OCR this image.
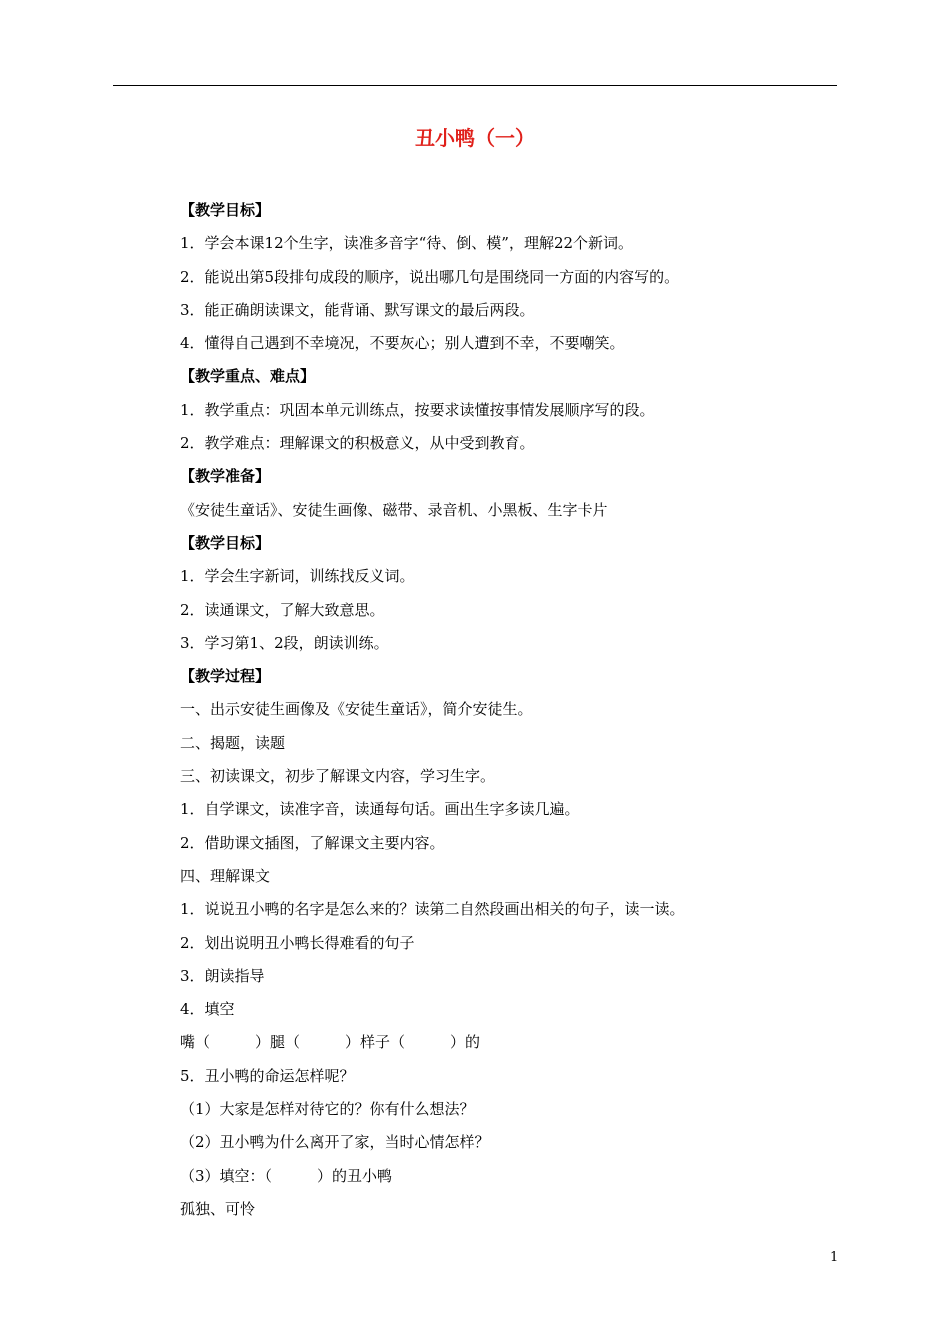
丑小鸭（一）
【教学目标】
1．学会本课12个生字，读准多音字“待、倒、模”，理解22个新词。
2．能说出第5段排句成段的顺序，说出哪几句是围绕同一方面的内容写的。
3．能正确朗读课文，能背诵、默写课文的最后两段。
4．懂得自己遇到不幸境况，不要灰心；别人遭到不幸，不要嘲笑。
【教学重点、难点】
1．教学重点：巩固本单元训练点，按要求读懂按事情发展顺序写的段。
2．教学难点：理解课文的积极意义，从中受到教育。
【教学准备】
《安徒生童话》、安徒生画像、磁带、录音机、小黑板、生字卡片
【教学目标】
1．学会生字新词，训练找反义词。
2．读通课文，了解大致意思。
3．学习第1、2段，朗读训练。
【教学过程】
一、出示安徒生画像及《安徒生童话》，简介安徒生。
二、揭题，读题
三、初读课文，初步了解课文内容，学习生字。
1．自学课文，读准字音，读通每句话。画出生字多读几遍。
2．借助课文插图，了解课文主要内容。
四、理解课文
1．说说丑小鸭的名字是怎么来的？读第二自然段画出相关的句子，读一读。
2．划出说明丑小鸭长得难看的句子
3．朗读指导
4．填空
嘴（　　　）腿（　　　）样子（　　　）的
5．丑小鸭的命运怎样呢？
（1）大家是怎样对待它的？你有什么想法？
（2）丑小鸭为什么离开了家，当时心情怎样？
（3）填空：（　　　）的丑小鸭
孤独、可怜
1
